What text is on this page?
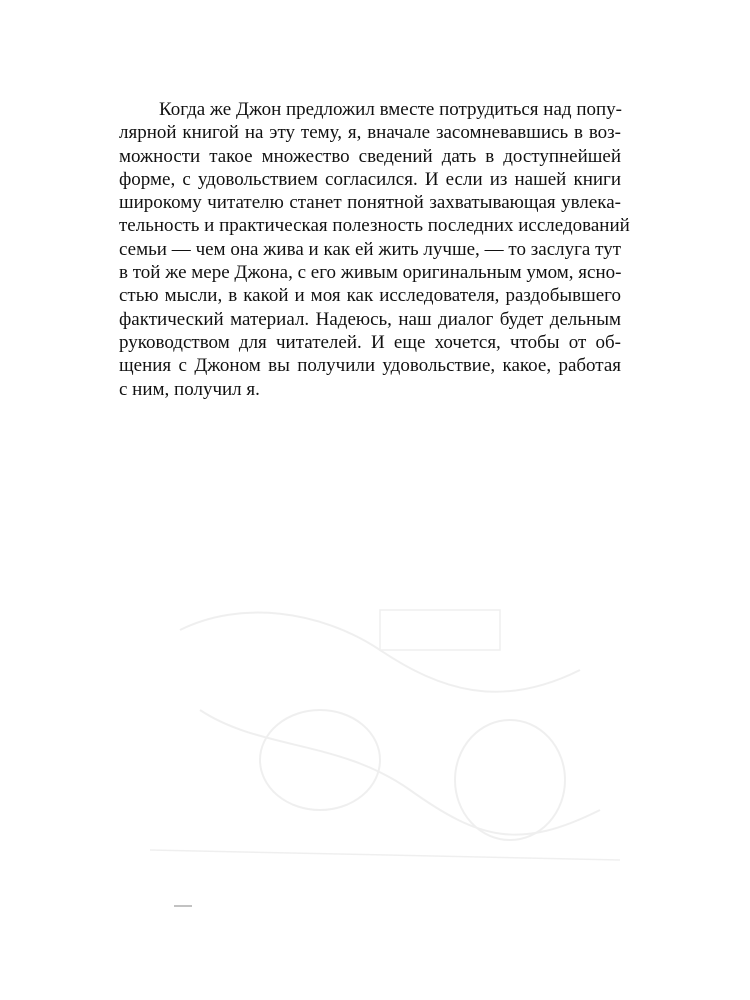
Когда же Джон предложил вместе потрудиться над попу-
лярной книгой на эту тему, я, вначале засомневавшись в воз-
можности такое множество сведений дать в доступнейшей
форме, с удовольствием согласился. И если из нашей книги
широкому читателю станет понятной захватывающая увлека-
тельность и практическая полезность последних исследований
семьи — чем она жива и как ей жить лучше, — то заслуга тут
в той же мере Джона, с его живым оригинальным умом, ясно-
стью мысли, в какой и моя как исследователя, раздобывшего
фактический материал. Надеюсь, наш диалог будет дельным
руководством для читателей. И еще хочется, чтобы от об-
щения с Джоном вы получили удовольствие, какое, работая
с ним, получил я.
